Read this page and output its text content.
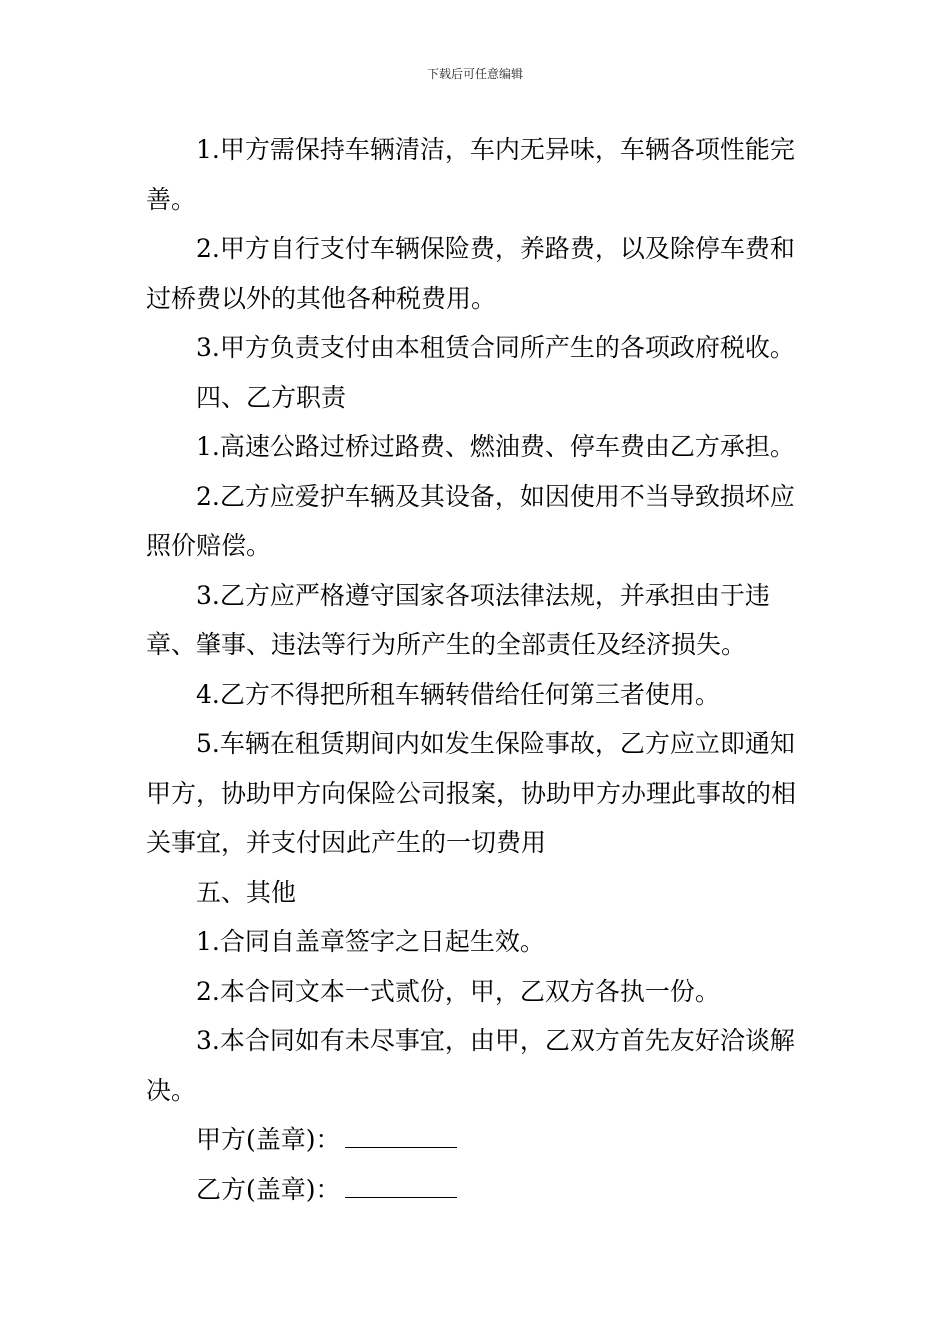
下载后可任意编辑

1.甲方需保持车辆清洁，车内无异味，车辆各项性能完善。

2.甲方自行支付车辆保险费，养路费，以及除停车费和过桥费以外的其他各种税费用。

3.甲方负责支付由本租赁合同所产生的各项政府税收。

四、乙方职责

1.高速公路过桥过路费、燃油费、停车费由乙方承担。

2.乙方应爱护车辆及其设备，如因使用不当导致损坏应照价赔偿。

3.乙方应严格遵守国家各项法律法规，并承担由于违章、肇事、违法等行为所产生的全部责任及经济损失。

4.乙方不得把所租车辆转借给任何第三者使用。

5.车辆在租赁期间内如发生保险事故，乙方应立即通知甲方，协助甲方向保险公司报案，协助甲方办理此事故的相关事宜，并支付因此产生的一切费用

五、其他

1.合同自盖章签字之日起生效。

2.本合同文本一式贰份，甲，乙双方各执一份。

3.本合同如有未尽事宜，由甲，乙双方首先友好洽谈解决。

甲方(盖章)：

乙方(盖章)：
